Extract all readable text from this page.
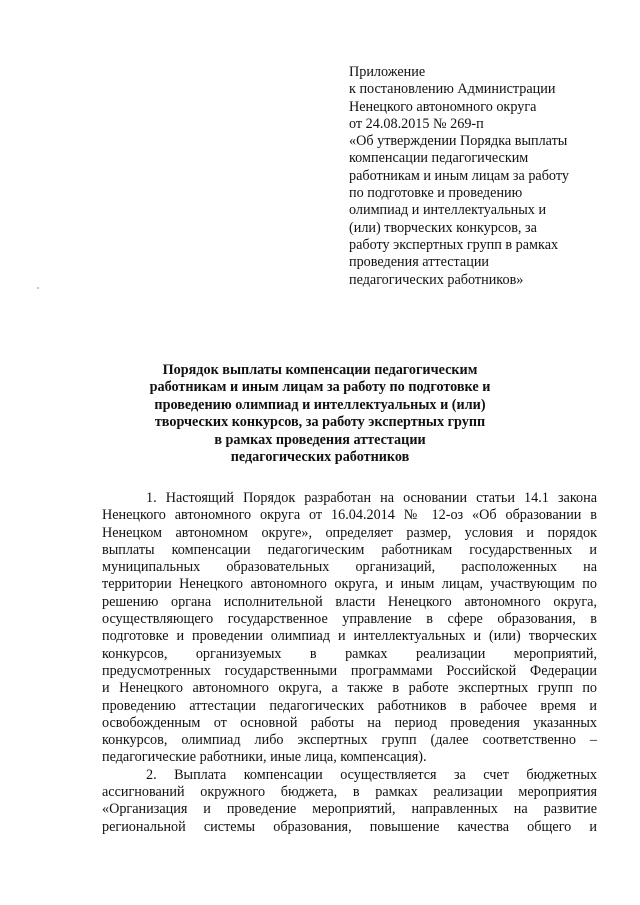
Приложение
к постановлению Администрации
Ненецкого автономного округа
от 24.08.2015 № 269-п
«Об утверждении Порядка выплаты
компенсации педагогическим
работникам и иным лицам за работу
по подготовке и проведению
олимпиад и интеллектуальных и
(или) творческих конкурсов, за
работу экспертных групп в рамках
проведения аттестации
педагогических работников»
Порядок выплаты компенсации педагогическим
работникам и иным лицам за работу по подготовке и
проведению олимпиад и интеллектуальных и (или)
творческих конкурсов, за работу экспертных групп
в рамках проведения аттестации
педагогических работников
1. Настоящий Порядок разработан на основании статьи 14.1 закона
Ненецкого автономного округа от 16.04.2014 № 12-оз «Об образовании в
Ненецком автономном округе», определяет размер, условия и порядок
выплаты компенсации педагогическим работникам государственных и
муниципальных образовательных организаций, расположенных на
территории Ненецкого автономного округа, и иным лицам, участвующим по
решению органа исполнительной власти Ненецкого автономного округа,
осуществляющего государственное управление в сфере образования, в
подготовке и проведении олимпиад и интеллектуальных и (или) творческих
конкурсов, организуемых в рамках реализации мероприятий,
предусмотренных государственными программами Российской Федерации
и Ненецкого автономного округа, а также в работе экспертных групп по
проведению аттестации педагогических работников в рабочее время и
освобожденным от основной работы на период проведения указанных
конкурсов, олимпиад либо экспертных групп (далее соответственно –
педагогические работники, иные лица, компенсация).
2. Выплата компенсации осуществляется за счет бюджетных
ассигнований окружного бюджета, в рамках реализации мероприятия
«Организация и проведение мероприятий, направленных на развитие
региональной системы образования, повышение качества общего и
